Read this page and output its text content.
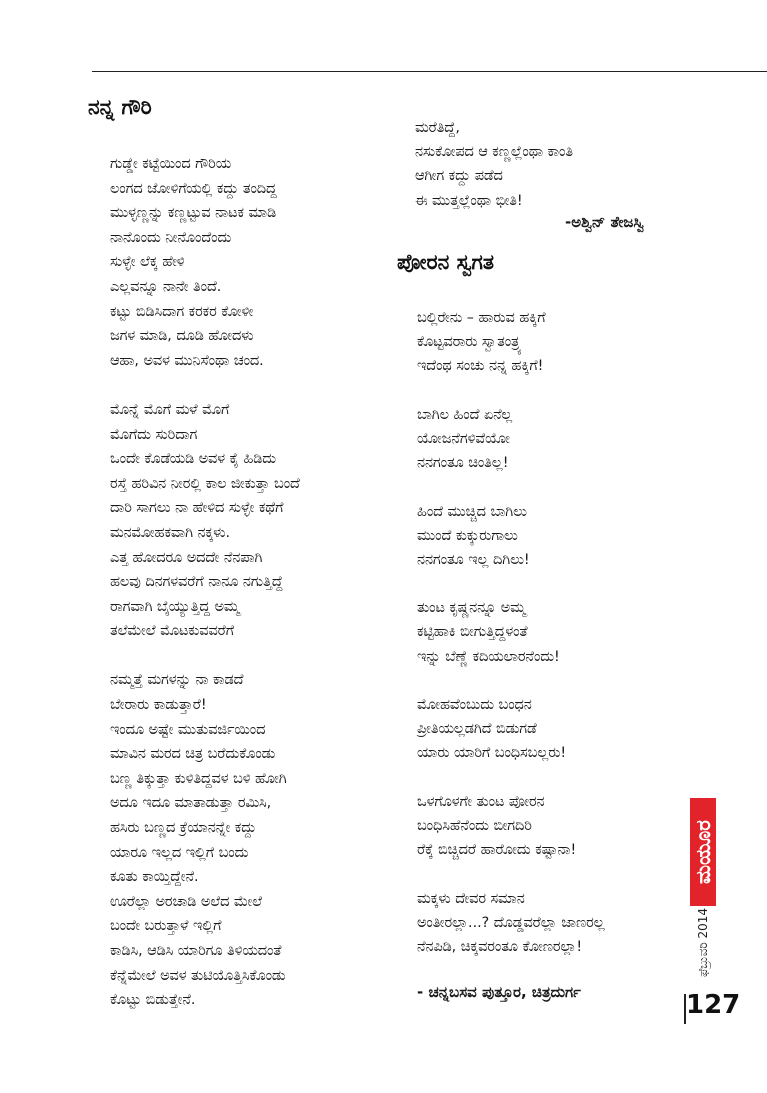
ನನ್ನ ಗೌರಿ
ಗುಡ್ಡೇ ಕಟ್ಟೆಯಿಂದ ಗೌರಿಯ
ಲಂಗದ ಜೋಳಿಗೆಯಲ್ಲಿ ಕದ್ದು ತಂದಿದ್ದ
ಮುಳ್ಳಣ್ಣನ್ನು ಕಣ್ಣಟ್ಟುವ ನಾಟಕ ಮಾಡಿ
ನಾನೊಂದು ನೀನೊಂದೆಂದು
ಸುಳ್ಳೇ ಲೆಕ್ಕ ಹೇಳಿ
ಎಲ್ಲವನ್ನೂ ನಾನೇ ತಿಂದೆ.
ಕಟ್ಟು ಬಿಡಿಸಿದಾಗ ಕರಕರ ಕೋಳೀ
ಜಗಳ ಮಾಡಿ, ದೂಡಿ ಹೋದಳು
ಆಹಾ, ಅವಳ ಮುನಿಸೆಂಥಾ ಚಂದ.
ಮೊನ್ನೆ ಮೊಗೆ ಮಳೆ ಮೊಗೆ
ಮೊಗೆದು ಸುರಿದಾಗ
ಒಂದೇ ಕೊಡೆಯಡಿ ಅವಳ ಕೈ ಹಿಡಿದು
ರಸ್ತೆ ಹರಿವಿನ ನೀರಲ್ಲಿ ಕಾಲ ಜೀಕುತ್ತಾ ಬಂದೆ
ದಾರಿ ಸಾಗಲು ನಾ ಹೇಳಿದ ಸುಳ್ಳೇ ಕಥೆಗೆ
ಮನಮೋಹಕವಾಗಿ ನಕ್ಕಳು.
ಎತ್ತ ಹೋದರೂ ಅದದೇ ನೆನಪಾಗಿ
ಹಲವು ದಿನಗಳವರೆಗೆ ನಾನೂ ನಗುತ್ತಿದ್ದೆ
ರಾಗವಾಗಿ ಬೈಯ್ಯುತ್ತಿದ್ದ ಅಮ್ಮ
ತಲೆಮೇಲೆ ಮೊಟಕುವವರೆಗೆ
ನಮ್ಮತ್ತೆ ಮಗಳನ್ನು ನಾ ಕಾಡದೆ
ಬೇರಾರು ಕಾಡುತ್ತಾರೆ!
ಇಂದೂ ಅಷ್ಟೇ ಮುತುವರ್ಜಿಯಿಂದ
ಮಾವಿನ ಮರದ ಚಿತ್ರ ಬರೆದುಕೊಂಡು
ಬಣ್ಣ ತಿಕ್ಕುತ್ತಾ ಕುಳಿತಿದ್ದವಳ ಬಳಿ ಹೋಗಿ
ಅದೂ ಇದೂ ಮಾತಾಡುತ್ತಾ ರಮಿಸಿ,
ಹಸಿರು ಬಣ್ಣದ ಕ್ರೆಯಾನನ್ನೇ ಕದ್ದು
ಯಾರೂ ಇಲ್ಲದ ಇಲ್ಲಿಗೆ ಬಂದು
ಕೂತು ಕಾಯ್ತಿದ್ದೇನೆ.
ಊರೆಲ್ಲಾ ಅರಚಾಡಿ ಅಲೆದ ಮೇಲೆ
ಬಂದೇ ಬರುತ್ತಾಳೆ ಇಲ್ಲಿಗೆ
ಕಾಡಿಸಿ, ಆಡಿಸಿ ಯಾರಿಗೂ ತಿಳಿಯದಂತೆ
ಕೆನ್ನೆಮೇಲೆ ಅವಳ ತುಟಿಯೊತ್ತಿಸಿಕೊಂಡು
ಕೊಟ್ಟು ಬಿಡುತ್ತೇನೆ.
ಮರೆತಿದ್ದೆ,
ನಸುಕೋಪದ ಆ ಕಣ್ಣಲ್ಲೆಂಥಾ ಕಾಂತಿ
ಆಗೀಗ ಕದ್ದು ಪಡೆದ
ಈ ಮುತ್ತಲ್ಲೆಂಥಾ ಭೀತಿ!
-ಅಶ್ವಿನ್ ತೇಜಸ್ವಿ
ಪೋರನ ಸ್ವಗತ
ಬಲ್ಲಿರೇನು – ಹಾರುವ ಹಕ್ಕಿಗೆ
ಕೊಟ್ಟವರಾರು ಸ್ವಾತಂತ್ರ್ಯ
ಇದೆಂಥ ಸಂಚು ನನ್ನ ಹಕ್ಕಿಗೆ!
ಬಾಗಿಲ ಹಿಂದೆ ಏನೆಲ್ಲ
ಯೋಜನೆಗಳಿವೆಯೋ
ನನಗಂತೂ ಚಿಂತಿಲ್ಲ!
ಹಿಂದೆ ಮುಚ್ಚಿದ ಬಾಗಿಲು
ಮುಂದೆ ಕುಕ್ಕುರುಗಾಲು
ನನಗಂತೂ ಇಲ್ಲ ದಿಗಿಲು!
ತುಂಟ ಕೃಷ್ಣನನ್ನೂ ಅಮ್ಮ
ಕಟ್ಟಿಹಾಕಿ ಬೀಗುತ್ತಿದ್ದಳಂತೆ
ಇನ್ನು ಬೆಣ್ಣೆ ಕದಿಯಲಾರನೆಂದು!
ಮೋಹವೆಂಬುದು ಬಂಧನ
ಪ್ರೀತಿಯಲ್ಲಡಗಿದೆ ಬಿಡುಗಡೆ
ಯಾರು ಯಾರಿಗೆ ಬಂಧಿಸಬಲ್ಲರು!
ಒಳಗೊಳಗೇ ತುಂಟ ಪೋರನ
ಬಂಧಿಸಿಹೆನೆಂದು ಬೀಗದಿರಿ
ರೆಕ್ಕೆ ಬಿಚ್ಚಿದರೆ ಹಾರೋದು ಕಷ್ಟಾನಾ!
ಮಕ್ಕಳು ದೇವರ ಸಮಾನ
ಅಂತೀರಲ್ಲಾ...? ದೊಡ್ಡವರೆಲ್ಲಾ ಜಾಣರಲ್ಲ
ನೆನಪಿಡಿ, ಚಿಕ್ಕವರಂತೂ ಕೋಣರಲ್ಲಾ!
- ಚನ್ನಬಸವ ಪುತ್ತೂರ, ಚಿತ್ರದುರ್ಗ
ಮಯೂರ
ಫೆಬ್ರುವರಿ 2014
127
